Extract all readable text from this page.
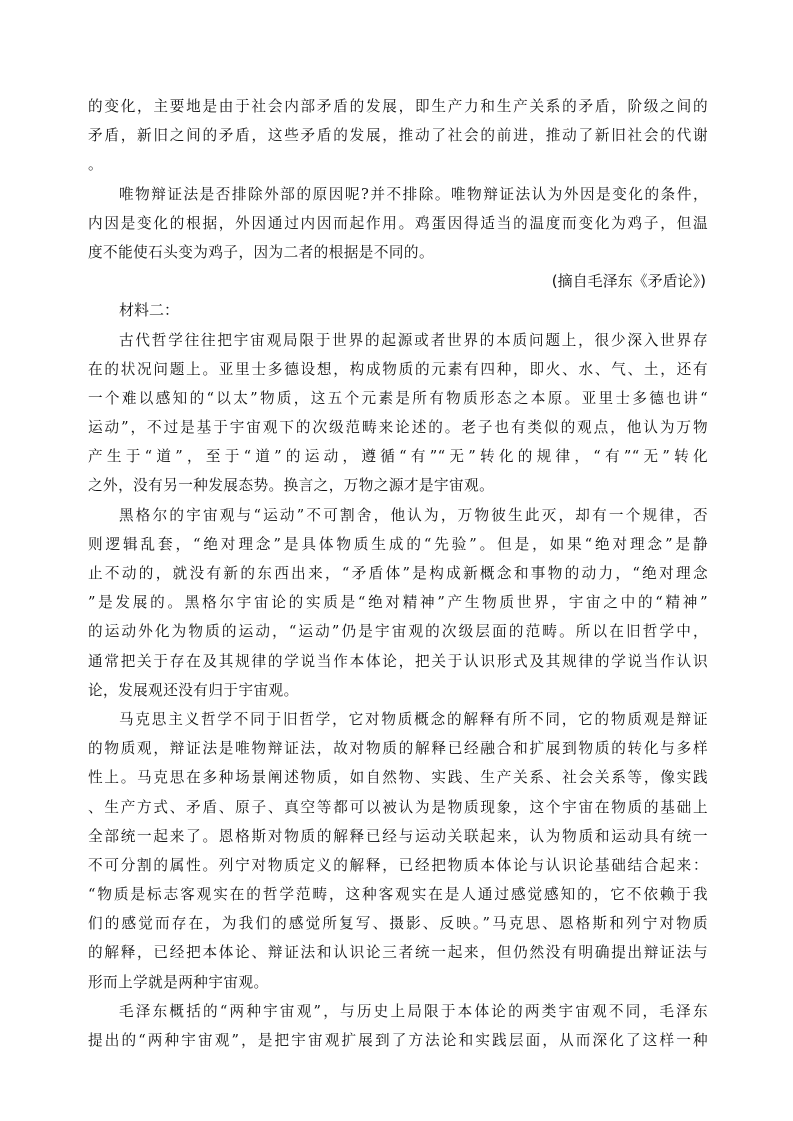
的变化，主要地是由于社会内部矛盾的发展，即生产力和生产关系的矛盾，阶级之间的
矛盾，新旧之间的矛盾，这些矛盾的发展，推动了社会的前进，推动了新旧社会的代谢
。
唯物辩证法是否排除外部的原因呢?并不排除。唯物辩证法认为外因是变化的条件，
内因是变化的根据，外因通过内因而起作用。鸡蛋因得适当的温度而变化为鸡子，但温
度不能使石头变为鸡子，因为二者的根据是不同的。
(摘自毛泽东《矛盾论》)
材料二：
古代哲学往往把宇宙观局限于世界的起源或者世界的本质问题上，很少深入世界存
在的状况问题上。亚里士多德设想，构成物质的元素有四种，即火、水、气、土，还有
一个难以感知的“以太”物质，这五个元素是所有物质形态之本原。亚里士多德也讲“
运动”，不过是基于宇宙观下的次级范畴来论述的。老子也有类似的观点，他认为万物
产生于“道”，至于“道”的运动，遵循“有”“无”转化的规律，“有”“无”转化
之外，没有另一种发展态势。换言之，万物之源才是宇宙观。
黑格尔的宇宙观与“运动”不可割舍，他认为，万物彼生此灭，却有一个规律，否
则逻辑乱套，“绝对理念”是具体物质生成的“先验”。但是，如果“绝对理念”是静
止不动的，就没有新的东西出来，“矛盾体”是构成新概念和事物的动力，“绝对理念
”是发展的。黑格尔宇宙论的实质是“绝对精神”产生物质世界，宇宙之中的“精神”
的运动外化为物质的运动，“运动”仍是宇宙观的次级层面的范畴。所以在旧哲学中，
通常把关于存在及其规律的学说当作本体论，把关于认识形式及其规律的学说当作认识
论，发展观还没有归于宇宙观。
马克思主义哲学不同于旧哲学，它对物质概念的解释有所不同，它的物质观是辩证
的物质观，辩证法是唯物辩证法，故对物质的解释已经融合和扩展到物质的转化与多样
性上。马克思在多种场景阐述物质，如自然物、实践、生产关系、社会关系等，像实践
、生产方式、矛盾、原子、真空等都可以被认为是物质现象，这个宇宙在物质的基础上
全部统一起来了。恩格斯对物质的解释已经与运动关联起来，认为物质和运动具有统一
不可分割的属性。列宁对物质定义的解释，已经把物质本体论与认识论基础结合起来：
“物质是标志客观实在的哲学范畴，这种客观实在是人通过感觉感知的，它不依赖于我
们的感觉而存在，为我们的感觉所复写、摄影、反映。”马克思、恩格斯和列宁对物质
的解释，已经把本体论、辩证法和认识论三者统一起来，但仍然没有明确提出辩证法与
形而上学就是两种宇宙观。
毛泽东概括的“两种宇宙观”，与历史上局限于本体论的两类宇宙观不同，毛泽东
提出的“两种宇宙观”，是把宇宙观扩展到了方法论和实践层面，从而深化了这样一种
